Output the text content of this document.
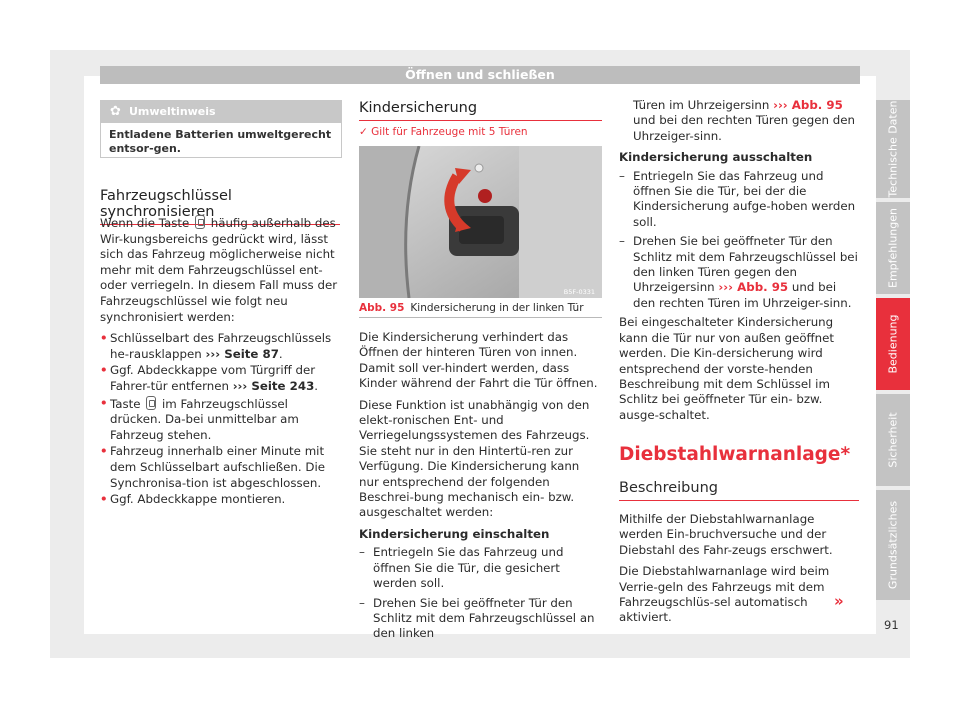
Öffnen und schließen
✿ Umweltinweis
Entladene Batterien umweltgerecht entsor-gen.
Fahrzeugschlüssel synchronisieren

Wenn die Taste häufig außerhalb des Wir-kungsbereichs gedrückt wird, lässt sich das Fahrzeug möglicherweise nicht mehr mit dem Fahrzeugschlüssel ent- oder verriegeln. In diesem Fall muss der Fahrzeugschlüssel wie folgt neu synchronisiert werden:

• Schlüsselbart des Fahrzeugschlüssels he-rausklappen ››› Seite 87.
• Ggf. Abdeckkappe vom Türgriff der Fahrer-tür entfernen ››› Seite 243.
• Taste im Fahrzeugschlüssel drücken. Da-bei unmittelbar am Fahrzeug stehen.
• Fahrzeug innerhalb einer Minute mit dem Schlüsselbart aufschließen. Die Synchronisa-tion ist abgeschlossen.
• Ggf. Abdeckkappe montieren.
Kindersicherung
✓ Gilt für Fahrzeuge mit 5 Türen
B5F-0331
Abb. 95 Kindersicherung in der linken Tür

Die Kindersicherung verhindert das Öffnen der hinteren Türen von innen. Damit soll ver-hindert werden, dass Kinder während der Fahrt die Tür öffnen.

Diese Funktion ist unabhängig von den elekt-ronischen Ent- und Verriegelungssystemen des Fahrzeugs. Sie steht nur in den Hintertü-ren zur Verfügung. Die Kindersicherung kann nur entsprechend der folgenden Beschrei-bung mechanisch ein- bzw. ausgeschaltet werden:

Kindersicherung einschalten
– Entriegeln Sie das Fahrzeug und öffnen Sie die Tür, die gesichert werden soll.
– Drehen Sie bei geöffneter Tür den Schlitz mit dem Fahrzeugschlüssel an den linken
Türen im Uhrzeigersinn ››› Abb. 95 und bei den rechten Türen gegen den Uhrzeiger-sinn.
Kindersicherung ausschalten
– Entriegeln Sie das Fahrzeug und öffnen Sie die Tür, bei der die Kindersicherung aufge-hoben werden soll.
– Drehen Sie bei geöffneter Tür den Schlitz mit dem Fahrzeugschlüssel bei den linken Türen gegen den Uhrzeigersinn ››› Abb. 95 und bei den rechten Türen im Uhrzeiger-sinn.

Bei eingeschalteter Kindersicherung kann die Tür nur von außen geöffnet werden. Die Kin-dersicherung wird entsprechend der vorste-henden Beschreibung mit dem Schlüssel im Schlitz bei geöffneter Tür ein- bzw. ausge-schaltet.

Diebstahlwarnanlage*
Beschreibung

Mithilfe der Diebstahlwarnanlage werden Ein-bruchversuche und der Diebstahl des Fahr-zeugs erschwert.

Die Diebstahlwarnanlage wird beim Verrie-geln des Fahrzeugs mit dem Fahrzeugschlüs-sel automatisch aktiviert.

»
Technische Daten
Empfehlungen
Bedienung
Sicherheit
Grundsätzliches
91
